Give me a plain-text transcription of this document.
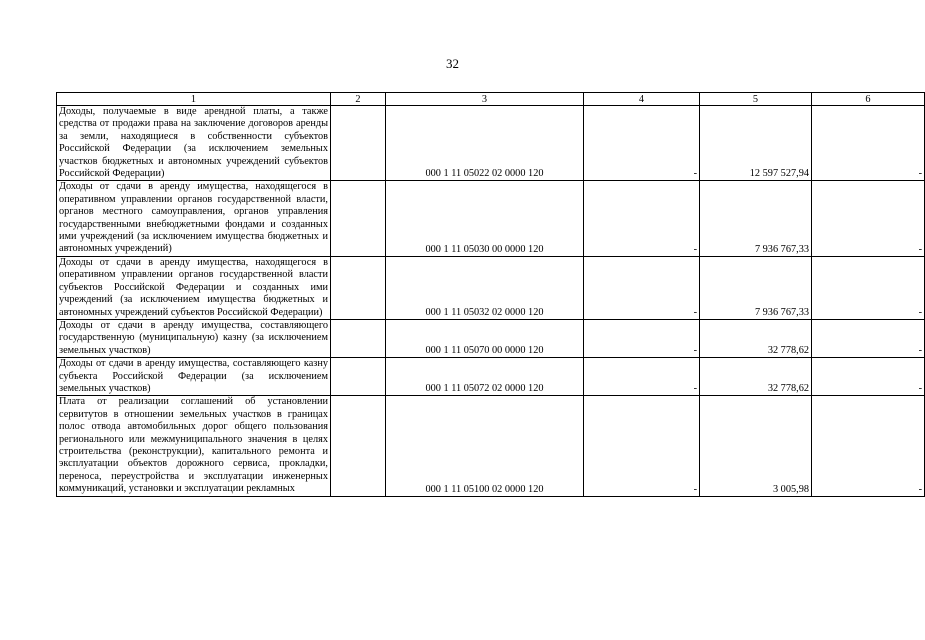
32
1	2	3	4	5	6
Доходы, получаемые в виде арендной платы, а также средства от продажи права на заключение договоров аренды за земли, находящиеся в собственности субъектов Российской Федерации (за исключением земельных участков бюджетных и автономных учреждений субъектов Российской Федерации)		000 1 11 05022 02 0000 120	-	12 597 527,94	-
Доходы от сдачи в аренду имущества, находящегося в оперативном управлении органов государственной власти, органов местного самоуправления, органов управления государственными внебюджетными фондами и созданных ими учреждений (за исключением имущества бюджетных и автономных учреждений)		000 1 11 05030 00 0000 120	-	7 936 767,33	-
Доходы от сдачи в аренду имущества, находящегося в оперативном управлении органов государственной власти субъектов Российской Федерации и созданных ими учреждений (за исключением имущества бюджетных и автономных учреждений субъектов Российской Федерации)		000 1 11 05032 02 0000 120	-	7 936 767,33	-
Доходы от сдачи в аренду имущества, составляющего государственную (муниципальную) казну (за исключением земельных участков)		000 1 11 05070 00 0000 120	-	32 778,62	-
Доходы от сдачи в аренду имущества, составляющего казну субъекта Российской Федерации (за исключением земельных участков)		000 1 11 05072 02 0000 120	-	32 778,62	-
Плата от реализации соглашений об установлении сервитутов в отношении земельных участков в границах полос отвода автомобильных дорог общего пользования регионального или межмуниципального значения в целях строительства (реконструкции), капитального ремонта и эксплуатации объектов дорожного сервиса, прокладки, переноса, переустройства и эксплуатации инженерных коммуникаций, установки и эксплуатации рекламных		000 1 11 05100 02 0000 120	-	3 005,98	-
